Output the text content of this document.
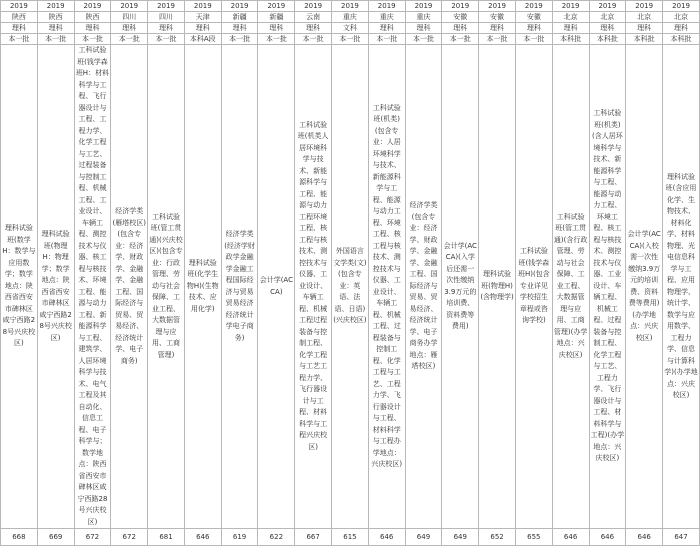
2019	2019	2019	2019	2019	2019	2019	2019	2019	2019	2019	2019	2019	2019	2019	2019	2019	2019	2019
陕西	陕西	陕西	四川	四川	天津	新疆	新疆	云南	重庆	重庆	重庆	安徽	安徽	安徽	北京	北京	北京	北京
理科	理科	理科	理科	理科	理科	理科	理科	理科	文科	理科	理科	理科	理科	理科	理科	理科	理科	理科
本一批	本一批	本一批	本一批	本一批	本科A段	本一批	本一批	本一批	本一批	本一批	本一批	本一批	本一批	本一批	本科批	本科批	本科批	本科批
理科试验班(数学H：数学与应用数学；数学地点：陕西省西安市碑林区咸宁西路28号兴庆校区)	理科试验班(物理H：物理学；数学地点：陕西省西安市碑林区咸宁西路28号兴庆校区)	工科试验班(钱学森班H：材料科学与工程、飞行器设计与工程、工程力学、化学工程与工艺、过程装备与控制工程、机械工程、工业设计、车辆工程、测控技术与仪器、核工程与核技术、环境工程、能源与动力工程、新能源科学与工程、建筑学、人居环境科学与技术、电气工程及其自动化、信息工程、电子科学与；数学地点：陕西省西安市碑林区咸宁西路28号兴庆校区)	经济学类(雁塔校区)(包含专业：经济学、财政学、金融学、金融工程、国际经济与贸易、贸易经济、经济统计学、电子商务)	工科试验班(管工贯通)(兴庆校区)(包含专业：行政管理、劳动与社会保障、工业工程、大数据管理与应用、工商管理)	理科试验班(化学生物H)(生物技术、应用化学)	经济学类(经济学财政学金融学金融工程国际经济与贸易贸易经济经济统计学电子商务)	会计学(ACCA)	工科试验班(机类人居环境科学与技术、新能源科学与工程、能源与动力工程环境工程、核工程与核技术、测控技术与仪器、工业设计、车辆工程、机械工程过程装备与控制工程、化学工程与工艺工程力学、飞行器设计与工程、材料科学与工程兴庆校区)	外国语言文学类(文)(包含专业：英语、法语、日语)(兴庆校区)	工科试验班(机类)(包含专业：人居环境科学与技术、新能源科学与工程、能源与动力工程、环境工程、核工程与核技术、测控技术与仪器、工业设计、车辆工程、机械工程、过程装备与控制工程、化学工程与工艺、工程力学、飞行器设计与工程、材料科学与工程办学地点：兴庆校区)	经济学类(包含专业：经济学、财政学、金融学、金融工程、国际经济与贸易、贸易经济、经济统计学、电子商务办学地点：雁塔校区)	会计学(ACCA)(入学后还需一次性缴纳3.9万元的培训费、资料费等费用)	理科试验班(物理H)(含物理学)	工科试验班(钱学森班H)(包含专业详见学校招生章程或咨询学校)	工科试验班(管工贯通)(含行政管理、劳动与社会保障、工业工程、大数据管理与应用、工商管理)(办学地点：兴庆校区)	工科试验班(机类)(含人居环境科学与技术、新能源科学与工程、能源与动力工程、环境工程、核工程与核技术、测控技术与仪器、工业设计、车辆工程、机械工程、过程装备与控制工程、化学工程与工艺、工程力学、飞行器设计与工程、材料科学与工程)(办学地点：兴庆校区)	会计学(ACCA)(入校需一次性缴纳3.9万元的培训费、资料费等费用)(办学地点：兴庆校区)	理科试验班(含应用化学、生物技术、材料化学、材料物理、光电信息科学与工程、应用物理学、统计学、数学与应用数学、工程力学、信息与计算科学)(办学地点：兴庆校区)
668	669	672	672	681	646	619	622	667	615	646	649	649	652	655	646	646	646	647
